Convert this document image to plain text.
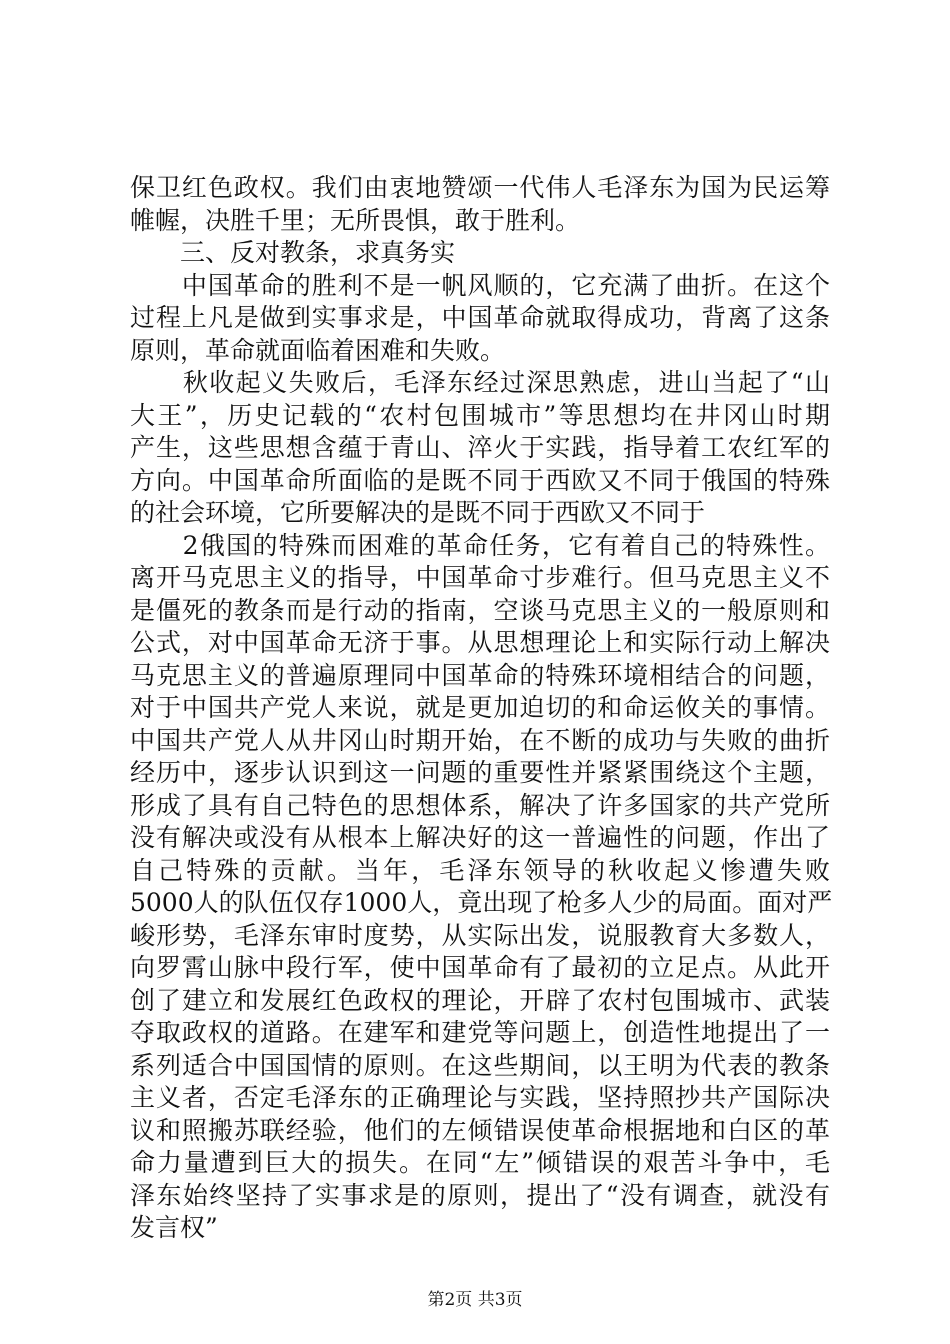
保卫红色政权。我们由衷地赞颂一代伟人毛泽东为国为民运筹
帷幄，决胜千里；无所畏惧，敢于胜利。
　　三、反对教条，求真务实
　　中国革命的胜利不是一帆风顺的，它充满了曲折。在这个
过程上凡是做到实事求是，中国革命就取得成功，背离了这条
原则，革命就面临着困难和失败。
　　秋收起义失败后，毛泽东经过深思熟虑，进山当起了“山
大王”，历史记载的“农村包围城市”等思想均在井冈山时期
产生，这些思想含蕴于青山、淬火于实践，指导着工农红军的
方向。中国革命所面临的是既不同于西欧又不同于俄国的特殊
的社会环境，它所要解决的是既不同于西欧又不同于
　　2俄国的特殊而困难的革命任务，它有着自己的特殊性。
离开马克思主义的指导，中国革命寸步难行。但马克思主义不
是僵死的教条而是行动的指南，空谈马克思主义的一般原则和
公式，对中国革命无济于事。从思想理论上和实际行动上解决
马克思主义的普遍原理同中国革命的特殊环境相结合的问题，
对于中国共产党人来说，就是更加迫切的和命运攸关的事情。
中国共产党人从井冈山时期开始，在不断的成功与失败的曲折
经历中，逐步认识到这一问题的重要性并紧紧围绕这个主题，
形成了具有自己特色的思想体系，解决了许多国家的共产党所
没有解决或没有从根本上解决好的这一普遍性的问题，作出了
自己特殊的贡献。当年，毛泽东领导的秋收起义惨遭失败
5000人的队伍仅存1000人，竟出现了枪多人少的局面。面对严
峻形势，毛泽东审时度势，从实际出发，说服教育大多数人，
向罗霄山脉中段行军，使中国革命有了最初的立足点。从此开
创了建立和发展红色政权的理论，开辟了农村包围城市、武装
夺取政权的道路。在建军和建党等问题上，创造性地提出了一
系列适合中国国情的原则。在这些期间，以王明为代表的教条
主义者，否定毛泽东的正确理论与实践，坚持照抄共产国际决
议和照搬苏联经验，他们的左倾错误使革命根据地和白区的革
命力量遭到巨大的损失。在同“左”倾错误的艰苦斗争中，毛
泽东始终坚持了实事求是的原则，提出了“没有调查，就没有
发言权”
第2页 共3页
